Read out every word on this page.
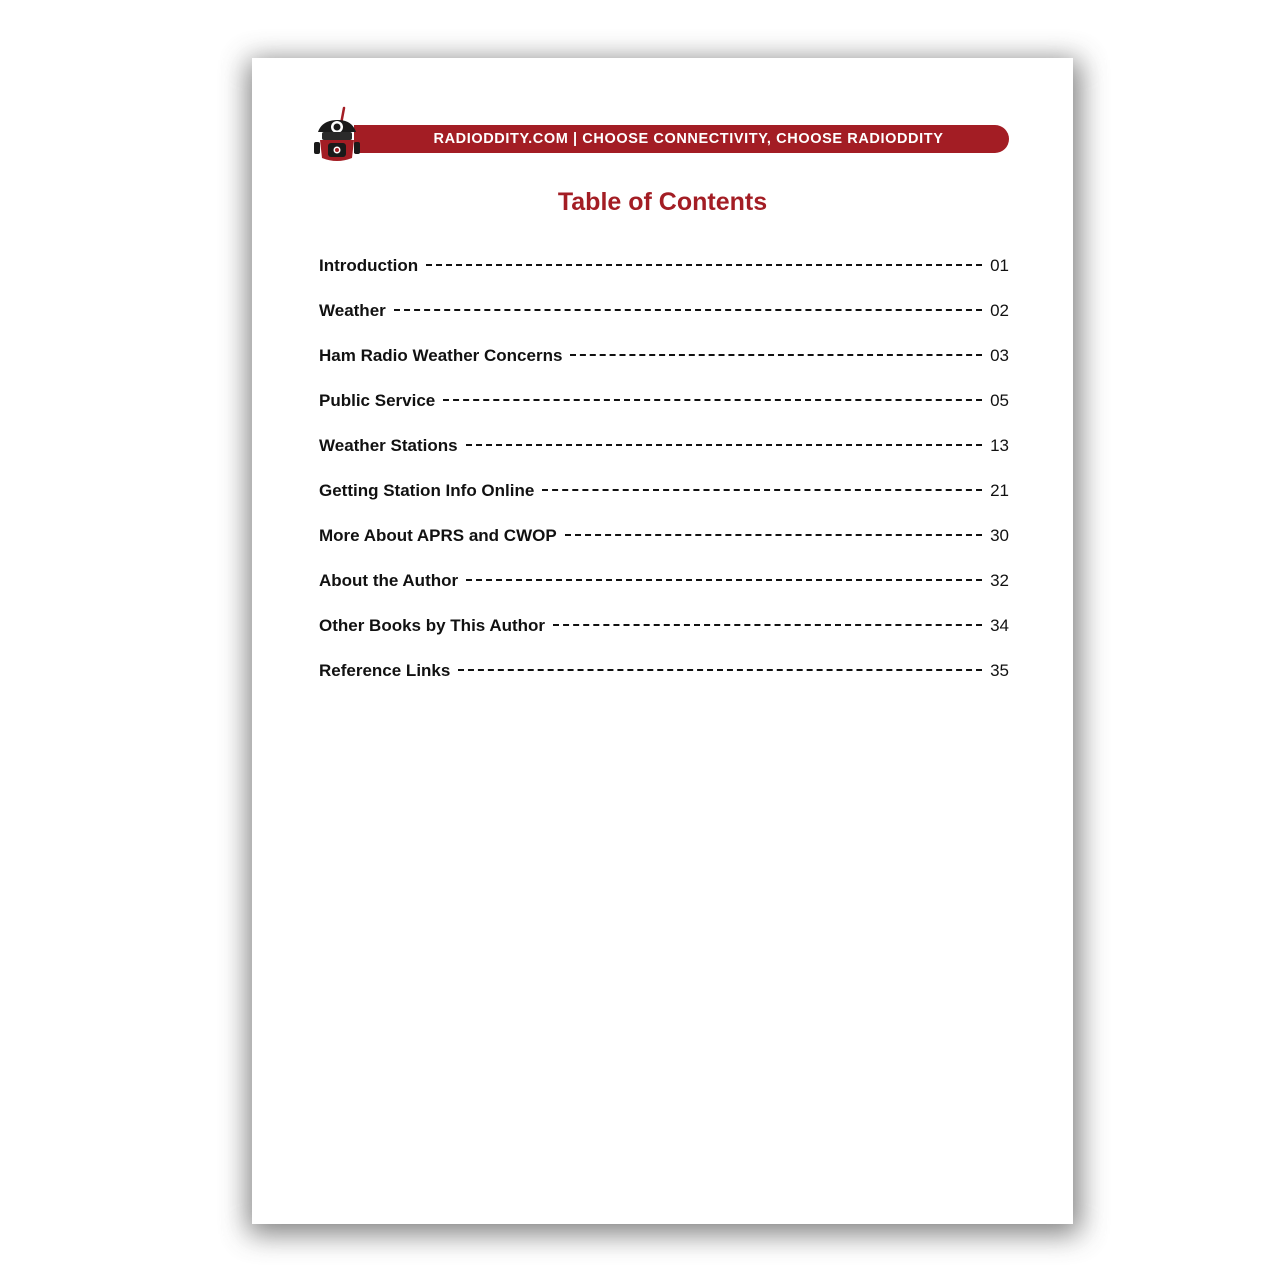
RADIODDITY.COM | CHOOSE CONNECTIVITY, CHOOSE RADIODDITY
Table of Contents
Introduction	01
Weather	02
Ham Radio Weather Concerns	03
Public Service	05
Weather Stations	13
Getting Station Info Online	21
More About APRS and CWOP	30
About the Author	32
Other Books by This Author	34
Reference Links	35
